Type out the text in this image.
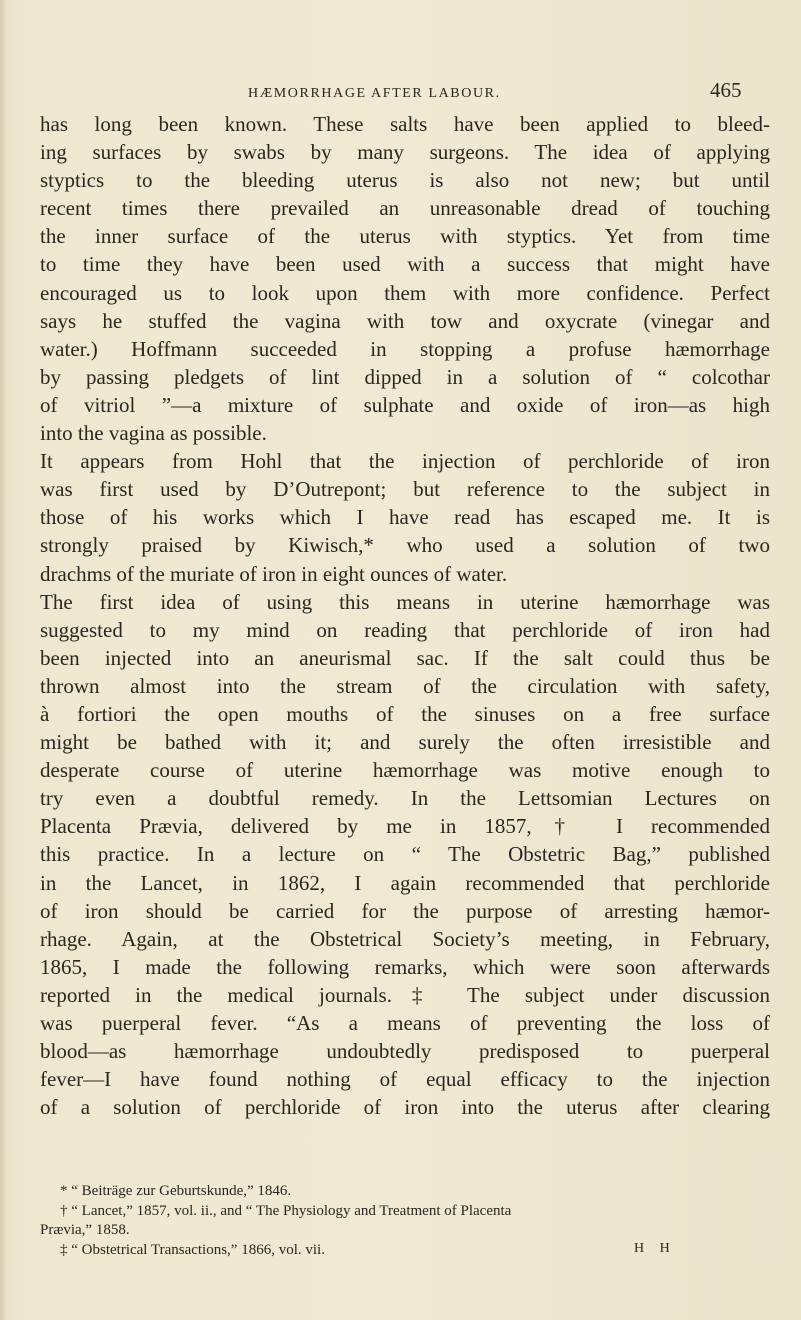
HÆMORRHAGE AFTER LABOUR.	465
has long been known. These salts have been applied to bleed-
ing surfaces by swabs by many surgeons. The idea of applying
styptics to the bleeding uterus is also not new; but until
recent times there prevailed an unreasonable dread of touching
the inner surface of the uterus with styptics. Yet from time
to time they have been used with a success that might have
encouraged us to look upon them with more confidence. Perfect
says he stuffed the vagina with tow and oxycrate (vinegar and
water.) Hoffmann succeeded in stopping a profuse hæmorrhage
by passing pledgets of lint dipped in a solution of “ colcothar
of vitriol ”—a mixture of sulphate and oxide of iron—as high
into the vagina as possible.
It appears from Hohl that the injection of perchloride of iron
was first used by D’Outrepont; but reference to the subject in
those of his works which I have read has escaped me. It is
strongly praised by Kiwisch,* who used a solution of two
drachms of the muriate of iron in eight ounces of water.
The first idea of using this means in uterine hæmorrhage was
suggested to my mind on reading that perchloride of iron had
been injected into an aneurismal sac. If the salt could thus be
thrown almost into the stream of the circulation with safety,
à fortiori the open mouths of the sinuses on a free surface
might be bathed with it; and surely the often irresistible and
desperate course of uterine hæmorrhage was motive enough to
try even a doubtful remedy. In the Lettsomian Lectures on
Placenta Prævia, delivered by me in 1857,† I recommended
this practice. In a lecture on “ The Obstetric Bag,” published
in the Lancet, in 1862, I again recommended that perchloride
of iron should be carried for the purpose of arresting hæmor-
rhage. Again, at the Obstetrical Society’s meeting, in February,
1865, I made the following remarks, which were soon afterwards
reported in the medical journals.‡ The subject under discussion
was puerperal fever. “As a means of preventing the loss of
blood—as hæmorrhage undoubtedly predisposed to puerperal
fever—I have found nothing of equal efficacy to the injection
of a solution of perchloride of iron into the uterus after clearing
* “ Beiträge zur Geburtskunde,” 1846.
† “ Lancet,” 1857, vol. ii., and “ The Physiology and Treatment of Placenta
Prævia,” 1858.
‡ “ Obstetrical Transactions,” 1866, vol. vii.	H H
